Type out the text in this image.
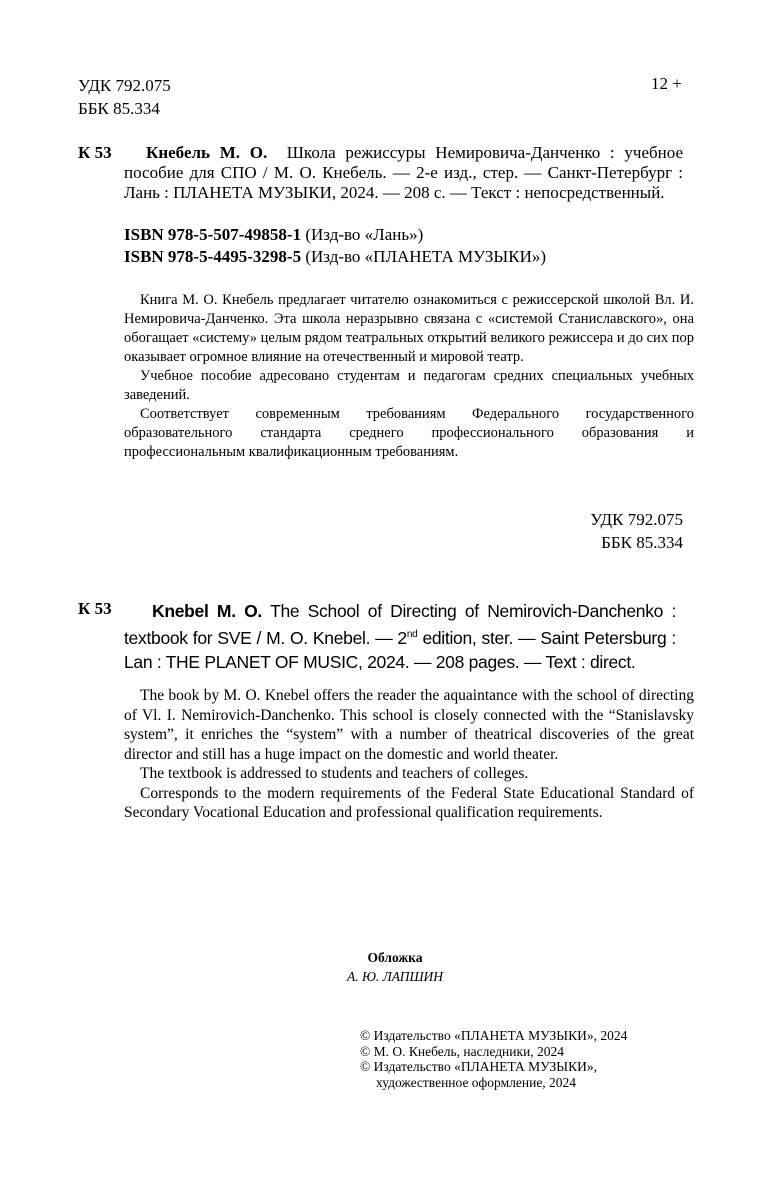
УДК 792.075
ББК 85.334
12 +
К 53	Кнебель М. О. Школа режиссуры Немировича-Данченко : учебное пособие для СПО / М. О. Кнебель. — 2-е изд., стер. — Санкт-Петербург : Лань : ПЛАНЕТА МУЗЫКИ, 2024. — 208 с. — Текст : непосредственный.
ISBN 978-5-507-49858-1 (Изд-во «Лань»)
ISBN 978-5-4495-3298-5 (Изд-во «ПЛАНЕТА МУЗЫКИ»)

Книга М. О. Кнебель предлагает читателю ознакомиться с режиссерской школой Вл. И. Немировича-Данченко. Эта школа неразрывно связана с «системой Станиславского», она обогащает «систему» целым рядом театральных открытий великого режиссера и до сих пор оказывает огромное влияние на отечественный и мировой театр.

Учебное пособие адресовано студентам и педагогам средних специальных учебных заведений.

Соответствует современным требованиям Федерального государственного образовательного стандарта среднего профессионального образования и профессиональным квалификационным требованиям.

УДК 792.075
ББК 85.334
К 53	Knebel M. O. The School of Directing of Nemirovich-Danchenko : textbook for SVE / M. O. Knebel. — 2nd edition, ster. — Saint Petersburg : Lan : THE PLANET OF MUSIC, 2024. — 208 pages. — Text : direct.

The book by M. O. Knebel offers the reader the aquaintance with the school of directing of Vl. I. Nemirovich-Danchenko. This school is closely connected with the “Stanislavsky system”, it enriches the “system” with a number of theatrical discoveries of the great director and still has a huge impact on the domestic and world theater.

The textbook is addressed to students and teachers of colleges.

Corresponds to the modern requirements of the Federal State Educational Standard of Secondary Vocational Education and professional qualification requirements.

Обложка
А. Ю. ЛАПШИН
© Издательство «ПЛАНЕТА МУЗЫКИ», 2024
© М. О. Кнебель, наследники, 2024
© Издательство «ПЛАНЕТА МУЗЫКИ»,
художественное оформление, 2024
